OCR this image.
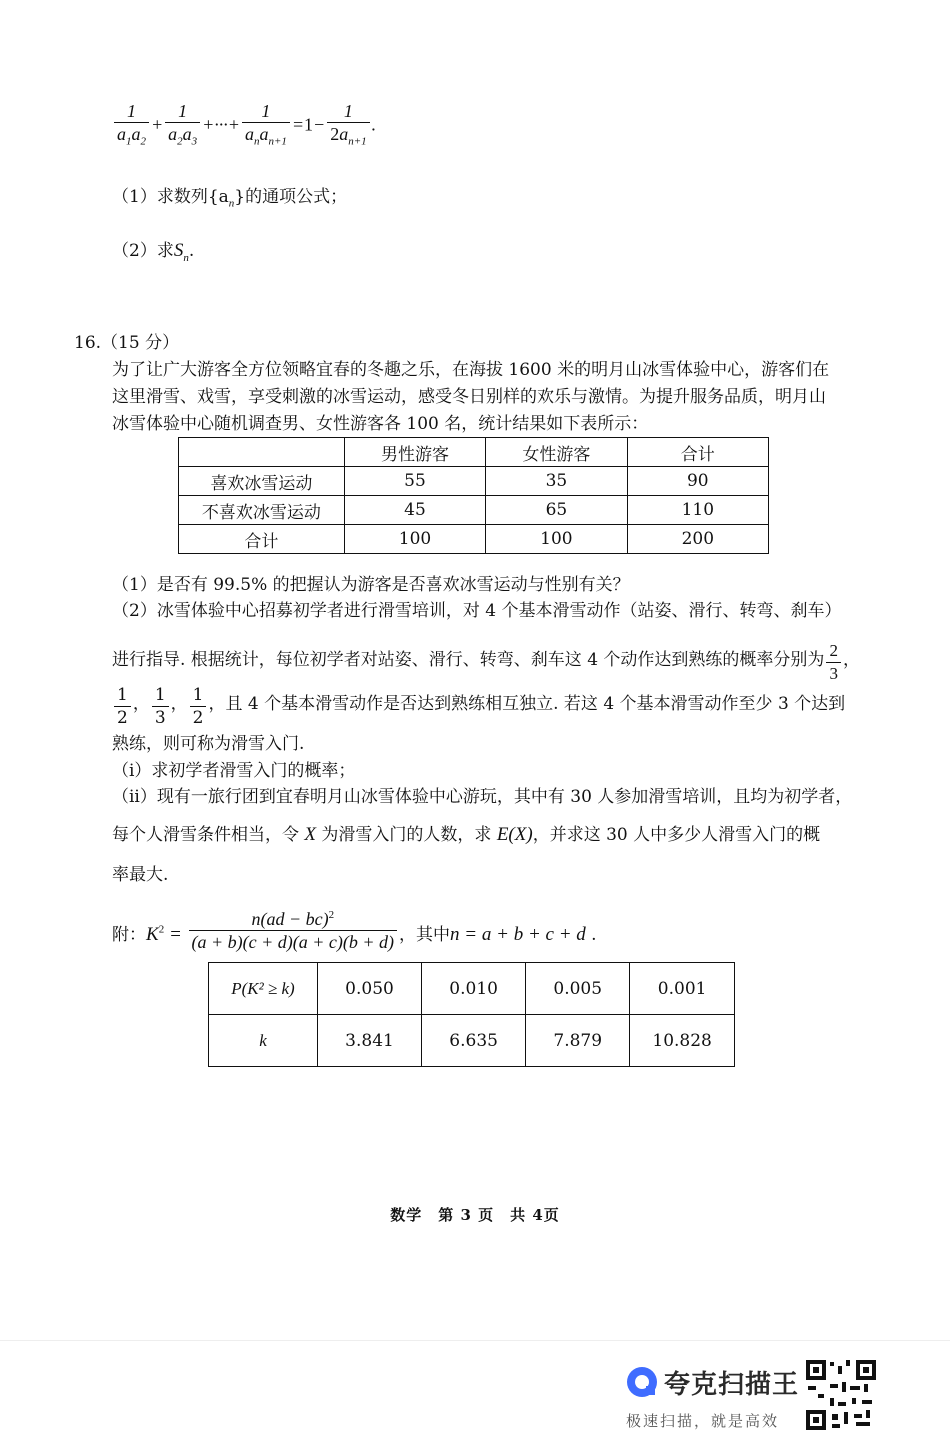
$\frac{1}{a_1a_2} + \frac{1}{a_2a_3}$ +···+ $\frac{1}{a_na_{n+1}} =1- \frac{1}{2a_{n+1}}$ .
（1）求数列$\{a_n\}$的通项公式；
（2）求$S_n$.
16.（15 分）
为了让广大游客全方位领略宜春的冬趣之乐，在海拔 1600 米的明月山冰雪体验中心，游客们在
这里滑雪、戏雪，享受刺激的冰雪运动，感受冬日别样的欢乐与激情。为提升服务品质，明月山
冰雪体验中心随机调查男、女性游客各 100 名，统计结果如下表所示：
	男性游客	女性游客	合计
喜欢冰雪运动	55	35	90
不喜欢冰雪运动	45	65	110
合计	100	100	200
（1）是否有 99.5% 的把握认为游客是否喜欢冰雪运动与性别有关？
（2）冰雪体验中心招募初学者进行滑雪培训，对 4 个基本滑雪动作（站姿、滑行、转弯、刹车）
进行指导. 根据统计，每位初学者对站姿、滑行、转弯、刹车这 4 个动作达到熟练的概率分别为 $\frac{2}{3}$ ，
$\frac{1}{2}$ ， $\frac{1}{3}$ ， $\frac{1}{2}$ ，且 4 个基本滑雪动作是否达到熟练相互独立. 若这 4 个基本滑雪动作至少 3 个达到
熟练，则可称为滑雪入门.
（i）求初学者滑雪入门的概率；
（ii）现有一旅行团到宜春明月山冰雪体验中心游玩，其中有 30 人参加滑雪培训，且均为初学者，
每个人滑雪条件相当，令 X 为滑雪入门的人数，求 E(X)，并求这 30 人中多少人滑雪入门的概
率最大.
附：$K^2 = \frac{n(ad - bc)^2}{(a + b)(c + d)(a + c)(b + d)}$ ，其中n = a + b + c + d .
P(K² ≥ k)	0.050	0.010	0.005	0.001
k	3.841	6.635	7.879	10.828
数学　第 3 页　共 4页
夸克扫描王
极速扫描，就是高效
